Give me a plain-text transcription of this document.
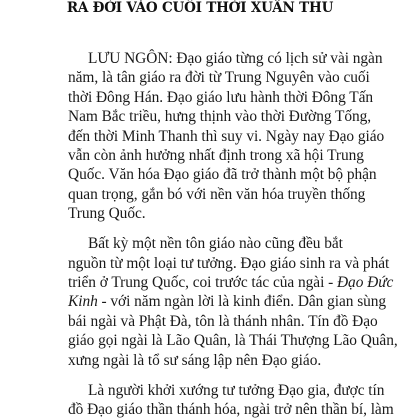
RA ĐỜI VÀO CUỐI THỜI XUÂN THU

LƯU NGÔN: Đạo giáo từng có lịch sử vài ngàn
năm, là tân giáo ra đời từ Trung Nguyên vào cuối
thời Đông Hán. Đạo giáo lưu hành thời Đông Tấn
Nam Bắc triều, hưng thịnh vào thời Đường Tống,
đến thời Minh Thanh thì suy vi. Ngày nay Đạo giáo
vẫn còn ảnh hưởng nhất định trong xã hội Trung
Quốc. Văn hóa Đạo giáo đã trở thành một bộ phận
quan trọng, gắn bó với nền văn hóa truyền thống
Trung Quốc.

Bất kỳ một nền tôn giáo nào cũng đều bắt
nguồn từ một loại tư tưởng. Đạo giáo sinh ra và phát
triển ở Trung Quốc, coi trước tác của ngài - Đạo Đức
Kinh - với năm ngàn lời là kinh điển. Dân gian sùng
bái ngài và Phật Đà, tôn là thánh nhân. Tín đồ Đạo
giáo gọi ngài là Lão Quân, là Thái Thượng Lão Quân,
xưng ngài là tổ sư sáng lập nên Đạo giáo.

Là người khởi xướng tư tưởng Đạo gia, được tín
đồ Đạo giáo thần thánh hóa, ngài trở nên thần bí, làm
